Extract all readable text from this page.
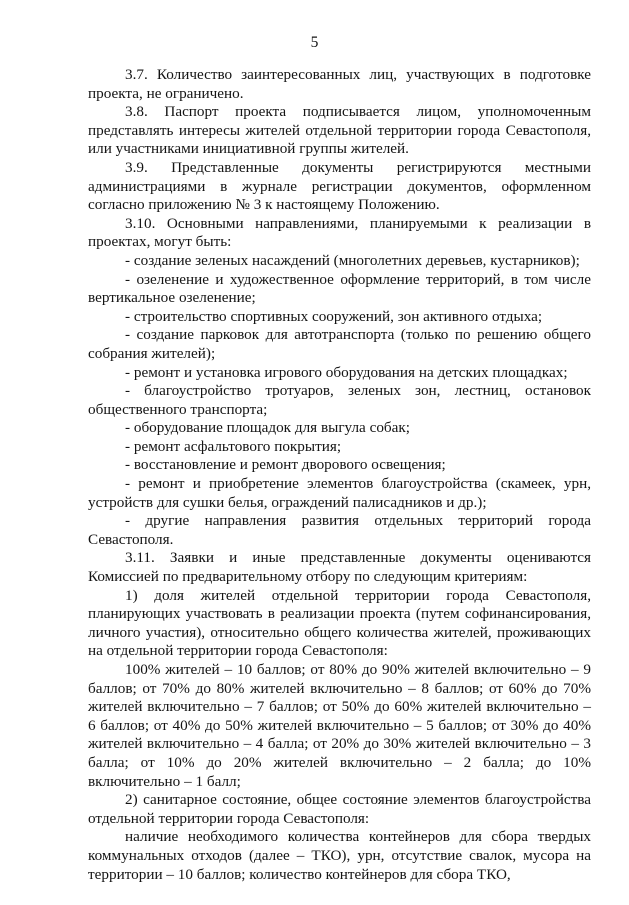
5

3.7. Количество заинтересованных лиц, участвующих в подготовке проекта, не ограничено.

3.8. Паспорт проекта подписывается лицом, уполномоченным представлять интересы жителей отдельной территории города Севастополя, или участниками инициативной группы жителей.

3.9. Представленные документы регистрируются местными администрациями в журнале регистрации документов, оформленном согласно приложению № 3 к настоящему Положению.

3.10. Основными направлениями, планируемыми к реализации в проектах, могут быть:

- создание зеленых насаждений (многолетних деревьев, кустарников);

- озеленение и художественное оформление территорий, в том числе вертикальное озеленение;

- строительство спортивных сооружений, зон активного отдыха;

- создание парковок для автотранспорта (только по решению общего собрания жителей);

- ремонт и установка игрового оборудования на детских площадках;

- благоустройство тротуаров, зеленых зон, лестниц, остановок общественного транспорта;

- оборудование площадок для выгула собак;

- ремонт асфальтового покрытия;

- восстановление и ремонт дворового освещения;

- ремонт и приобретение элементов благоустройства (скамеек, урн, устройств для сушки белья, ограждений палисадников и др.);

- другие направления развития отдельных территорий города Севастополя.

3.11. Заявки и иные представленные документы оцениваются Комиссией по предварительному отбору по следующим критериям:

1) доля жителей отдельной территории города Севастополя, планирующих участвовать в реализации проекта (путем софинансирования, личного участия), относительно общего количества жителей, проживающих на отдельной территории города Севастополя:

100% жителей – 10 баллов; от 80% до 90% жителей включительно – 9 баллов; от 70% до 80% жителей включительно – 8 баллов; от 60% до 70% жителей включительно – 7 баллов; от 50% до 60% жителей включительно – 6 баллов; от 40% до 50% жителей включительно – 5 баллов; от 30% до 40% жителей включительно – 4 балла; от 20% до 30% жителей включительно – 3 балла; от 10% до 20% жителей включительно – 2 балла; до 10% включительно – 1 балл;

2) санитарное состояние, общее состояние элементов благоустройства отдельной территории города Севастополя:

наличие необходимого количества контейнеров для сбора твердых коммунальных отходов (далее – ТКО), урн, отсутствие свалок, мусора на территории – 10 баллов; количество контейнеров для сбора ТКО,
